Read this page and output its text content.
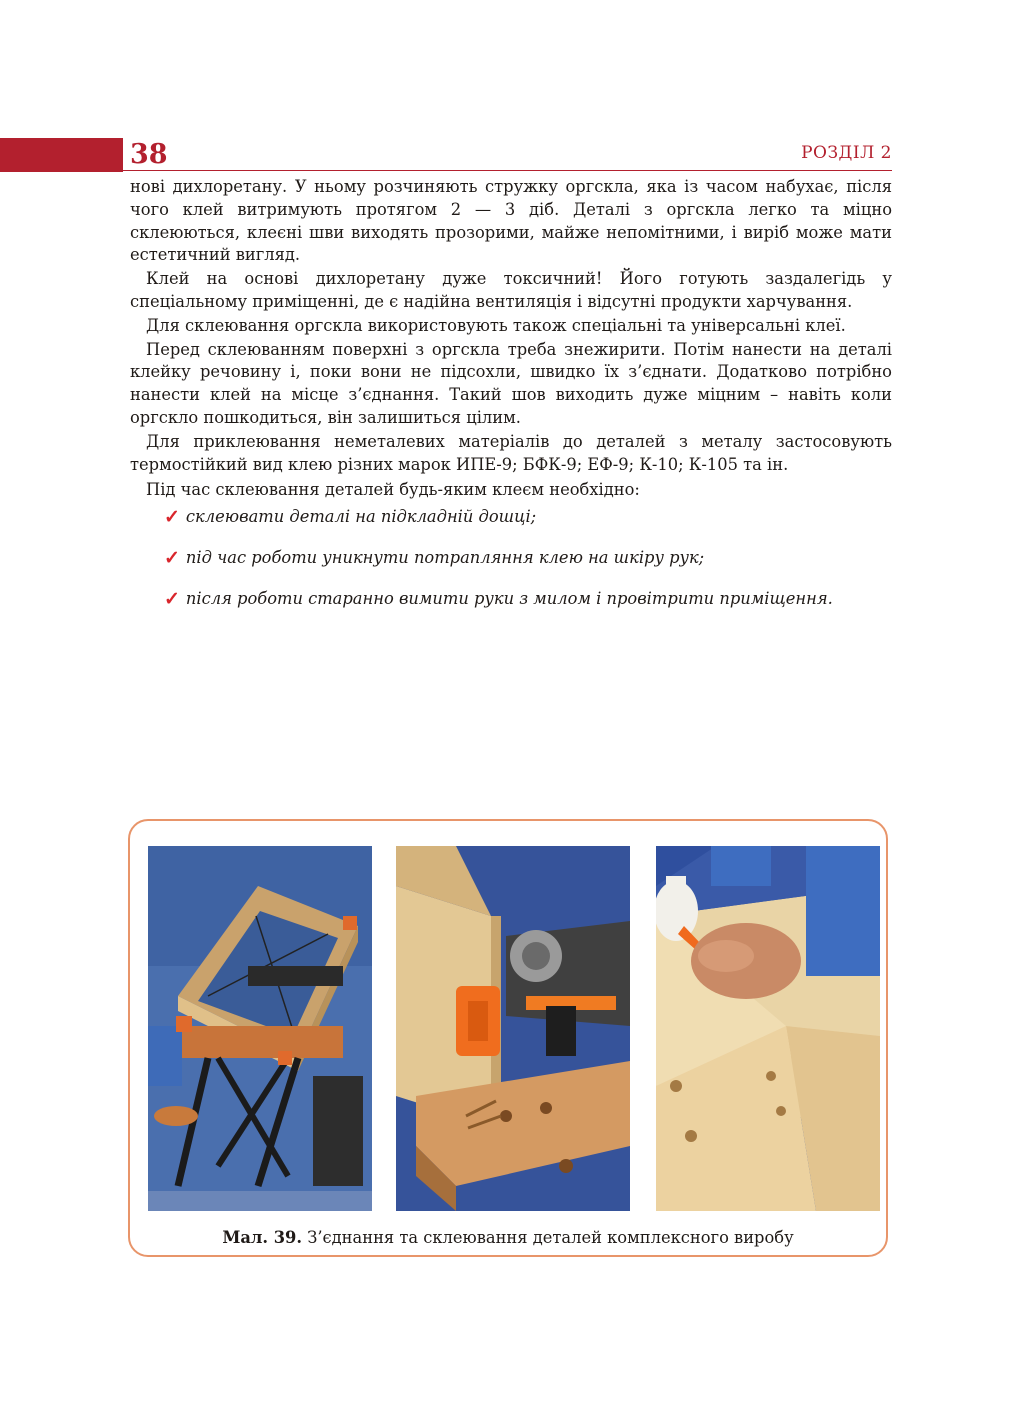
38	РОЗДІЛ 2

нові дихлоретану. У ньому розчиняють стружку оргскла, яка із часом набухає, після чого клей витримують протягом 2 — 3 діб. Деталі з оргскла легко та міцно склеюються, клеєні шви виходять прозорими, майже непомітними, і виріб може мати естетичний вигляд.

Клей на основі дихлоретану дуже токсичний! Його готують заздалегідь у спеціальному приміщенні, де є надійна вентиляція і відсутні продукти харчування.

Для склеювання оргскла використовують також спеціальні та універсальні клеї.

Перед склеюванням поверхні з оргскла треба знежирити. Потім нанести на деталі клейку речовину і, поки вони не підсохли, швидко їх з’єднати. Додатково потрібно нанести клей на місце з’єднання. Такий шов виходить дуже міцним – навіть коли оргскло пошкодиться, він залишиться цілим.

Для приклеювання неметалевих матеріалів до деталей з металу застосовують термостійкий вид клею різних марок ИПЕ-9; БФК-9; ЕФ-9; К-10; К-105 та ін.

Під час склеювання деталей будь-яким клеєм необхідно:

✓ склеювати деталі на підкладній дошці;
✓ під час роботи уникнути потрапляння клею на шкіру рук;
✓ після роботи старанно вимити руки з милом і провітрити приміщення.
Мал. 39. З’єднання та склеювання деталей комплексного виробу
